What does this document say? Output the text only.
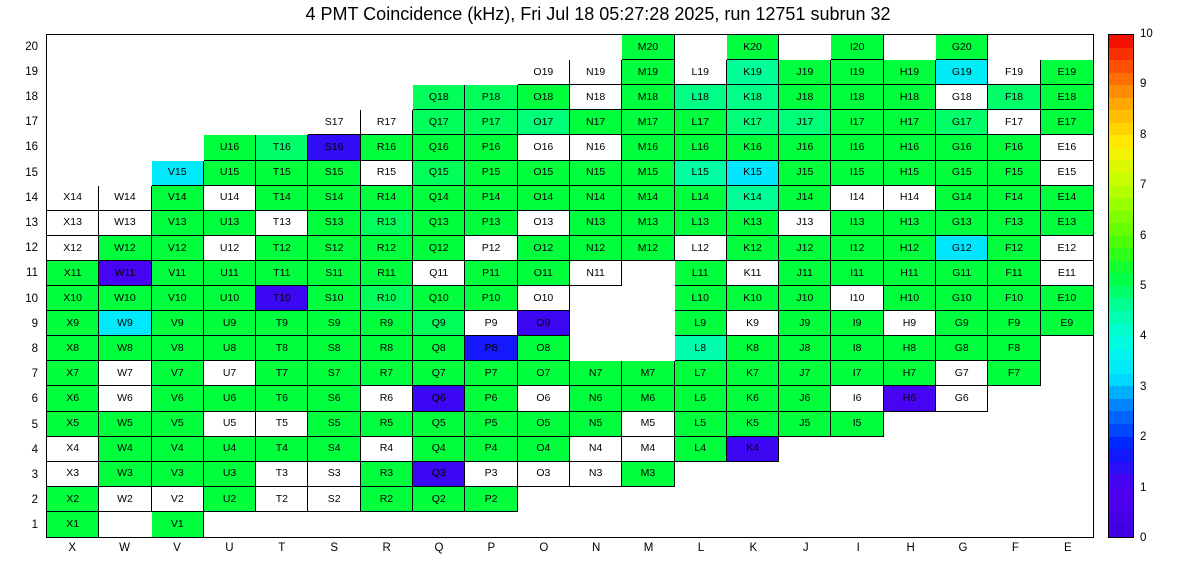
4 PMT Coincidence (kHz), Fri Jul 18 05:27:28 2025, run 12751 subrun 32
20
19
18
17
16
15
14
13
12
11
10
9
8
7
6
5
4
3
2
1
M20	K20	I20	G20
O19	N19	M19	L19	K19	J19	I19	H19	G19	F19	E19
Q18	P18	O18	N18	M18	L18	K18	J18	I18	H18	G18	F18	E18
S17	R17	Q17	P17	O17	N17	M17	L17	K17	J17	I17	H17	G17	F17	E17
U16	T16	S16	R16	Q16	P16	O16	N16	M16	L16	K16	J16	I16	H16	G16	F16	E16
V15	U15	T15	S15	R15	Q15	P15	O15	N15	M15	L15	K15	J15	I15	H15	G15	F15	E15
X14	W14	V14	U14	T14	S14	R14	Q14	P14	O14	N14	M14	L14	K14	J14	I14	H14	G14	F14	E14
X13	W13	V13	U13	T13	S13	R13	Q13	P13	O13	N13	M13	L13	K13	J13	I13	H13	G13	F13	E13
X12	W12	V12	U12	T12	S12	R12	Q12	P12	O12	N12	M12	L12	K12	J12	I12	H12	G12	F12	E12
X11	W11	V11	U11	T11	S11	R11	Q11	P11	O11	N11	L11	K11	J11	I11	H11	G11	F11	E11
X10	W10	V10	U10	T10	S10	R10	Q10	P10	O10	L10	K10	J10	I10	H10	G10	F10	E10
X9	W9	V9	U9	T9	S9	R9	Q9	P9	O9	L9	K9	J9	I9	H9	G9	F9	E9
X8	W8	V8	U8	T8	S8	R8	Q8	P8	O8	L8	K8	J8	I8	H8	G8	F8
X7	W7	V7	U7	T7	S7	R7	Q7	P7	O7	N7	M7	L7	K7	J7	I7	H7	G7	F7
X6	W6	V6	U6	T6	S6	R6	Q6	P6	O6	N6	M6	L6	K6	J6	I6	H6	G6
X5	W5	V5	U5	T5	S5	R5	Q5	P5	O5	N5	M5	L5	K5	J5	I5
X4	W4	V4	U4	T4	S4	R4	Q4	P4	O4	N4	M4	L4	K4
X3	W3	V3	U3	T3	S3	R3	Q3	P3	O3	N3	M3
X2	W2	V2	U2	T2	S2	R2	Q2	P2
X1	V1
X	W	V	U	T	S	R	Q	P	O	N	M	L	K	J	I	H	G	F	E
0
1
2
3
4
5
6
7
8
9
10
